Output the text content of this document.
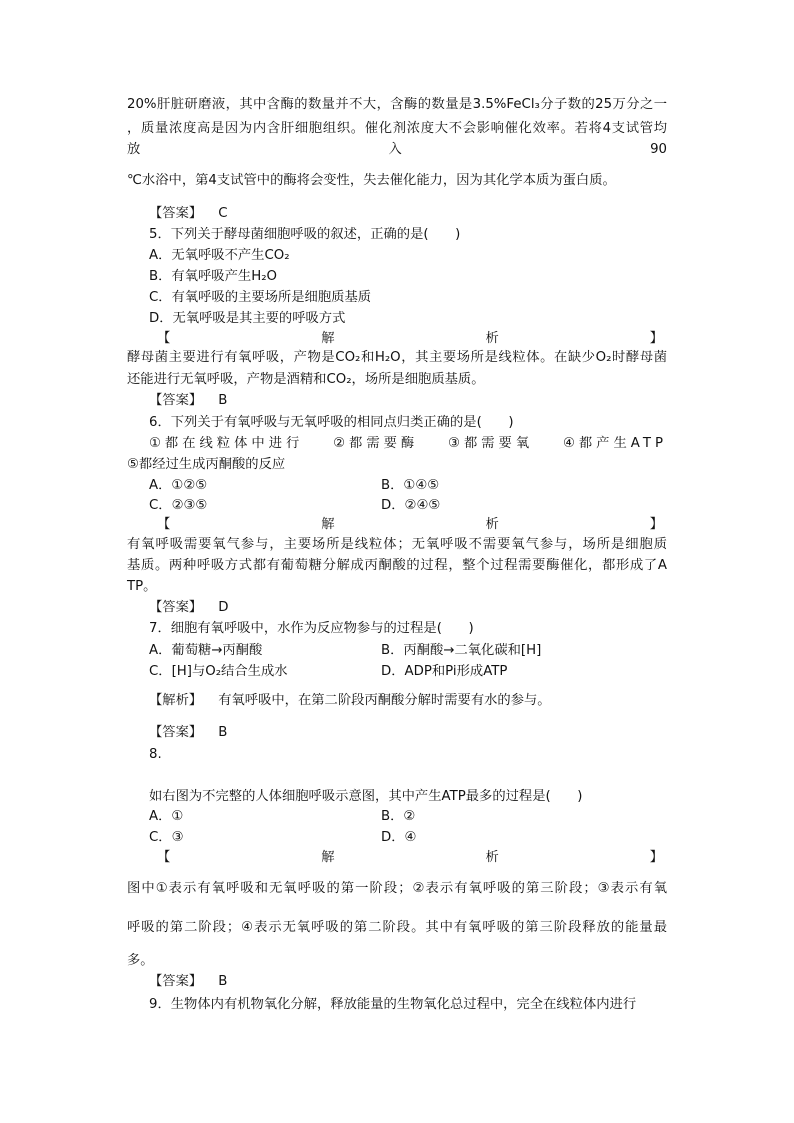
20%肝脏研磨液，其中含酶的数量并不大，含酶的数量是3.5%FeCl₃分子数的25万分之一
，质量浓度高是因为内含肝细胞组织。催化剂浓度大不会影响催化效率。若将4支试管均
放	入	90
℃水浴中，第4支试管中的酶将会变性，失去催化能力，因为其化学本质为蛋白质。
【答案】 C
5．下列关于酵母菌细胞呼吸的叙述，正确的是(　　)
A．无氧呼吸不产生CO₂
B．有氧呼吸产生H₂O
C．有氧呼吸的主要场所是细胞质基质
D．无氧呼吸是其主要的呼吸方式
【	解	析	】
酵母菌主要进行有氧呼吸，产物是CO₂和H₂O，其主要场所是线粒体。在缺少O₂时酵母菌
还能进行无氧呼吸，产物是酒精和CO₂，场所是细胞质基质。
【答案】 B
6．下列关于有氧呼吸与无氧呼吸的相同点归类正确的是(　　)
①都在线粒体中进行 ②都需要酶 ③都需要氧 ④都产生ATP
⑤都经过生成丙酮酸的反应
A．①②⑤	B．①④⑤
C．②③⑤	D．②④⑤
【	解	析	】
有氧呼吸需要氧气参与，主要场所是线粒体；无氧呼吸不需要氧气参与，场所是细胞质
基质。两种呼吸方式都有葡萄糖分解成丙酮酸的过程，整个过程需要酶催化，都形成了A
TP。
【答案】 D
7．细胞有氧呼吸中，水作为反应物参与的过程是(　　)
A．葡萄糖→丙酮酸	B．丙酮酸→二氧化碳和[H]
C．[H]与O₂结合生成水	D．ADP和Pi形成ATP
【解析】 有氧呼吸中，在第二阶段丙酮酸分解时需要有水的参与。
【答案】 B
8.
如右图为不完整的人体细胞呼吸示意图，其中产生ATP最多的过程是(　　)
A．①	B．②
C．③	D．④
【	解	析	】
图中①表示有氧呼吸和无氧呼吸的第一阶段；②表示有氧呼吸的第三阶段；③表示有氧
呼吸的第二阶段；④表示无氧呼吸的第二阶段。其中有氧呼吸的第三阶段释放的能量最
多。
【答案】 B
9．生物体内有机物氧化分解，释放能量的生物氧化总过程中，完全在线粒体内进行
